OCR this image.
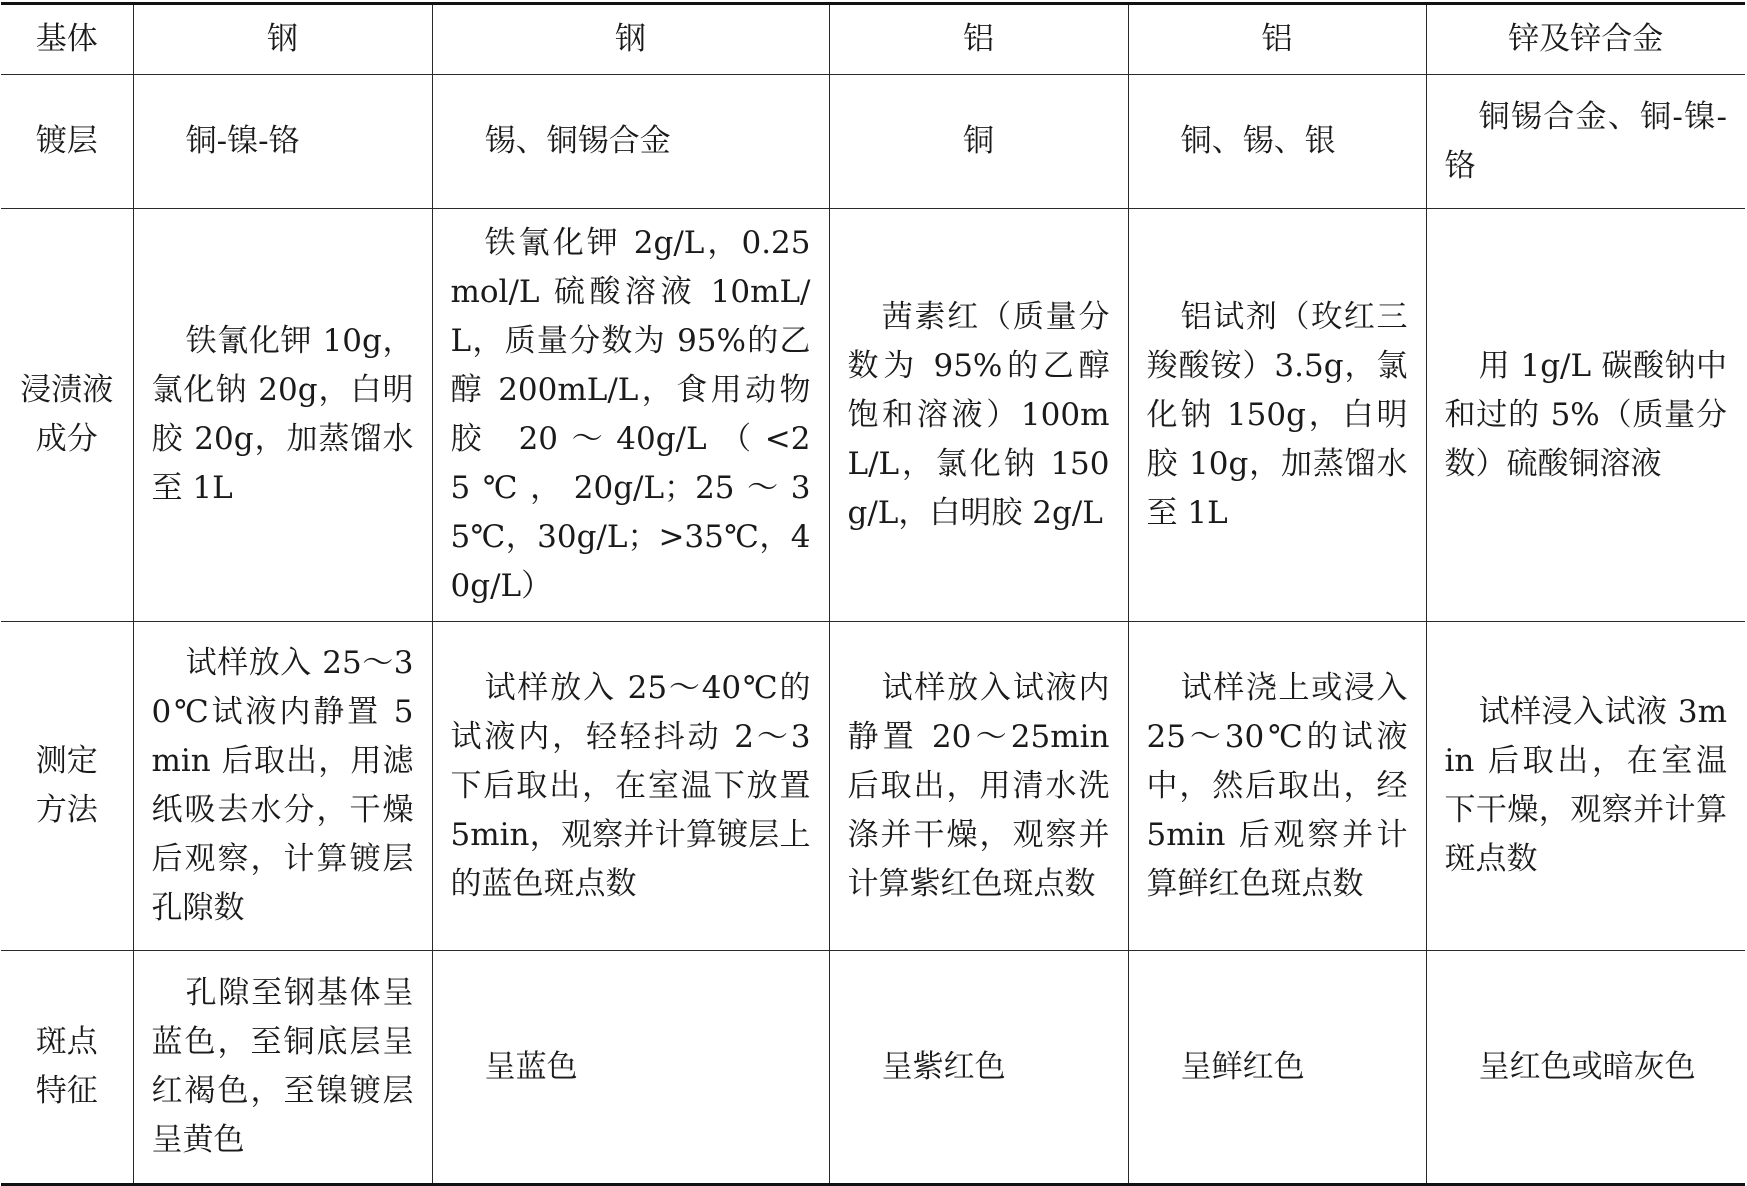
基体	钢	钢	铝	铝	锌及锌合金

镀层	铜-镍-铬	锡、铜锡合金	铜	铜、锡、银	铜锡合金、铜-镍-铬

浸渍液
成分	铁氰化钾 10g，氯化钠 20g，白明胶 20g，加蒸馏水至 1L	铁氰化钾 2g/L，0.25mol/L 硫酸溶液 10mL/L，质量分数为 95%的乙醇 200mL/L，食用动物胶 20～40g/L（<25℃，20g/L；25～35℃，30g/L；>35℃，40g/L）	茜素红（质量分数为 95%的乙醇饱和溶液）100mL/L，氯化钠 150g/L，白明胶 2g/L	铝试剂（玫红三羧酸铵）3.5g，氯化钠 150g，白明胶 10g，加蒸馏水至 1L	用 1g/L 碳酸钠中和过的 5%（质量分数）硫酸铜溶液

测定
方法	试样放入 25～30℃试液内静置 5min 后取出，用滤纸吸去水分，干燥后观察，计算镀层孔隙数	试样放入 25～40℃的试液内，轻轻抖动 2～3 下后取出，在室温下放置 5min，观察并计算镀层上的蓝色斑点数	试样放入试液内静置 20～25min 后取出，用清水洗涤并干燥，观察并计算紫红色斑点数	试样浇上或浸入 25～30℃的试液中，然后取出，经 5min 后观察并计算鲜红色斑点数	试样浸入试液 3min 后取出，在室温下干燥，观察并计算斑点数

斑点
特征	孔隙至钢基体呈蓝色，至铜底层呈红褐色，至镍镀层呈黄色	呈蓝色	呈紫红色	呈鲜红色	呈红色或暗灰色
